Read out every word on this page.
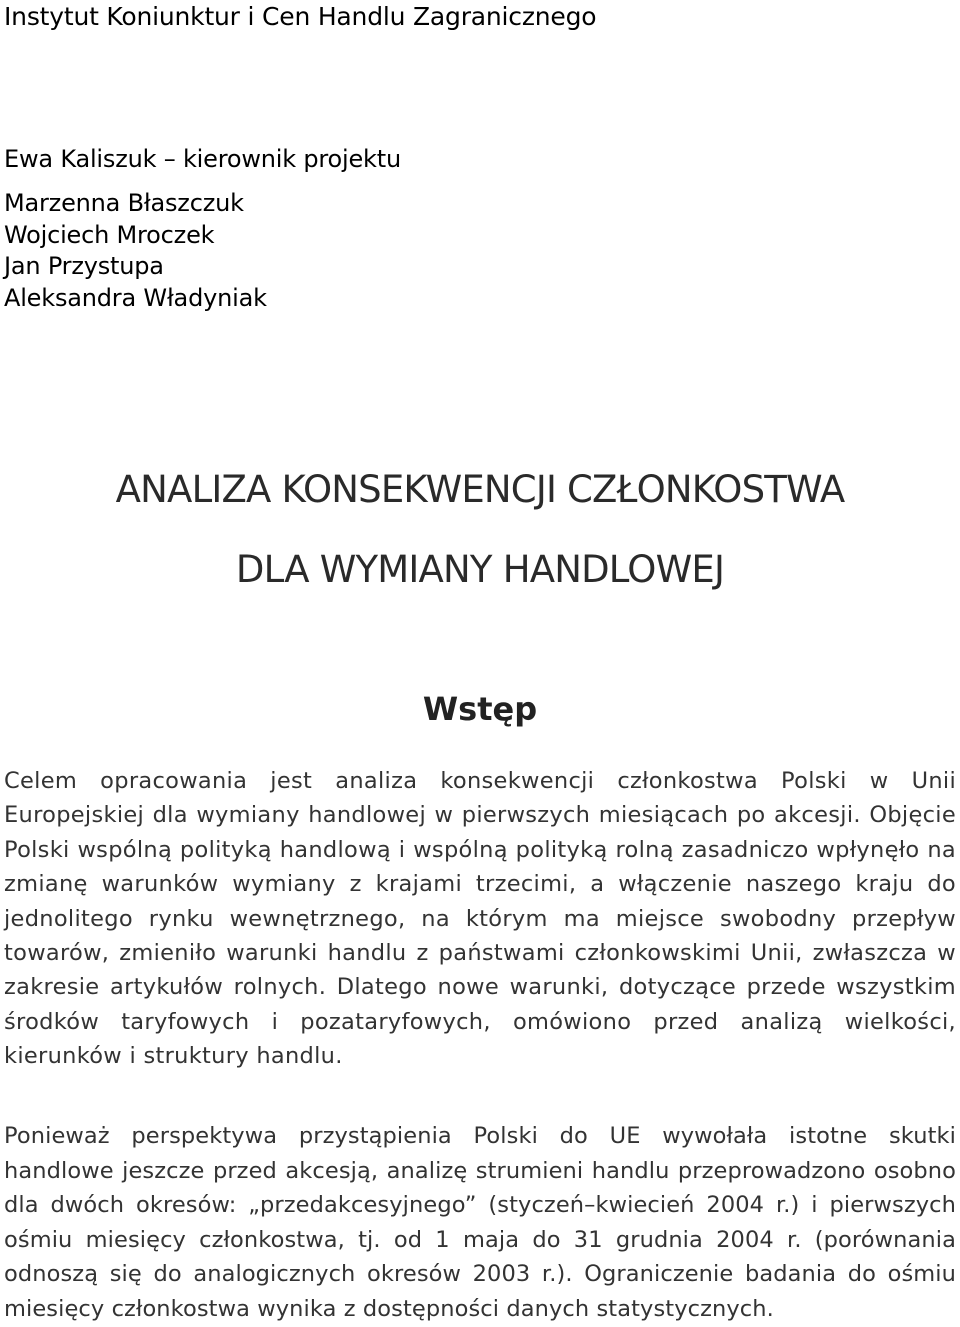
Instytut Koniunktur i Cen Handlu Zagranicznego
Ewa Kaliszuk – kierownik projektu
Marzenna Błaszczuk
Wojciech Mroczek
Jan Przystupa
Aleksandra Władyniak
ANALIZA KONSEKWENCJI CZŁONKOSTWA
DLA WYMIANY HANDLOWEJ
Wstęp

Celem opracowania jest analiza konsekwencji członkostwa Polski w Unii Europejskiej dla wymiany handlowej w pierwszych miesiącach po akcesji. Objęcie Polski wspólną polityką handlową i wspólną polityką rolną zasadniczo wpłynęło na zmianę warunków wymiany z krajami trzecimi, a włączenie naszego kraju do jednolitego rynku wewnętrznego, na którym ma miejsce swobodny przepływ towarów, zmieniło warunki handlu z państwami członkowskimi Unii, zwłaszcza w zakresie artykułów rolnych. Dlatego nowe warunki, dotyczące przede wszystkim środków taryfowych i pozataryfowych, omówiono przed analizą wielkości, kierunków i struktury handlu.

Ponieważ perspektywa przystąpienia Polski do UE wywołała istotne skutki handlowe jeszcze przed akcesją, analizę strumieni handlu przeprowadzono osobno dla dwóch okresów: „przedakcesyjnego” (styczeń–kwiecień 2004 r.) i pierwszych ośmiu miesięcy członkostwa, tj. od 1 maja do 31 grudnia 2004 r. (porównania odnoszą się do analogicznych okresów 2003 r.). Ograniczenie badania do ośmiu miesięcy członkostwa wynika z dostępności danych statystycznych.
